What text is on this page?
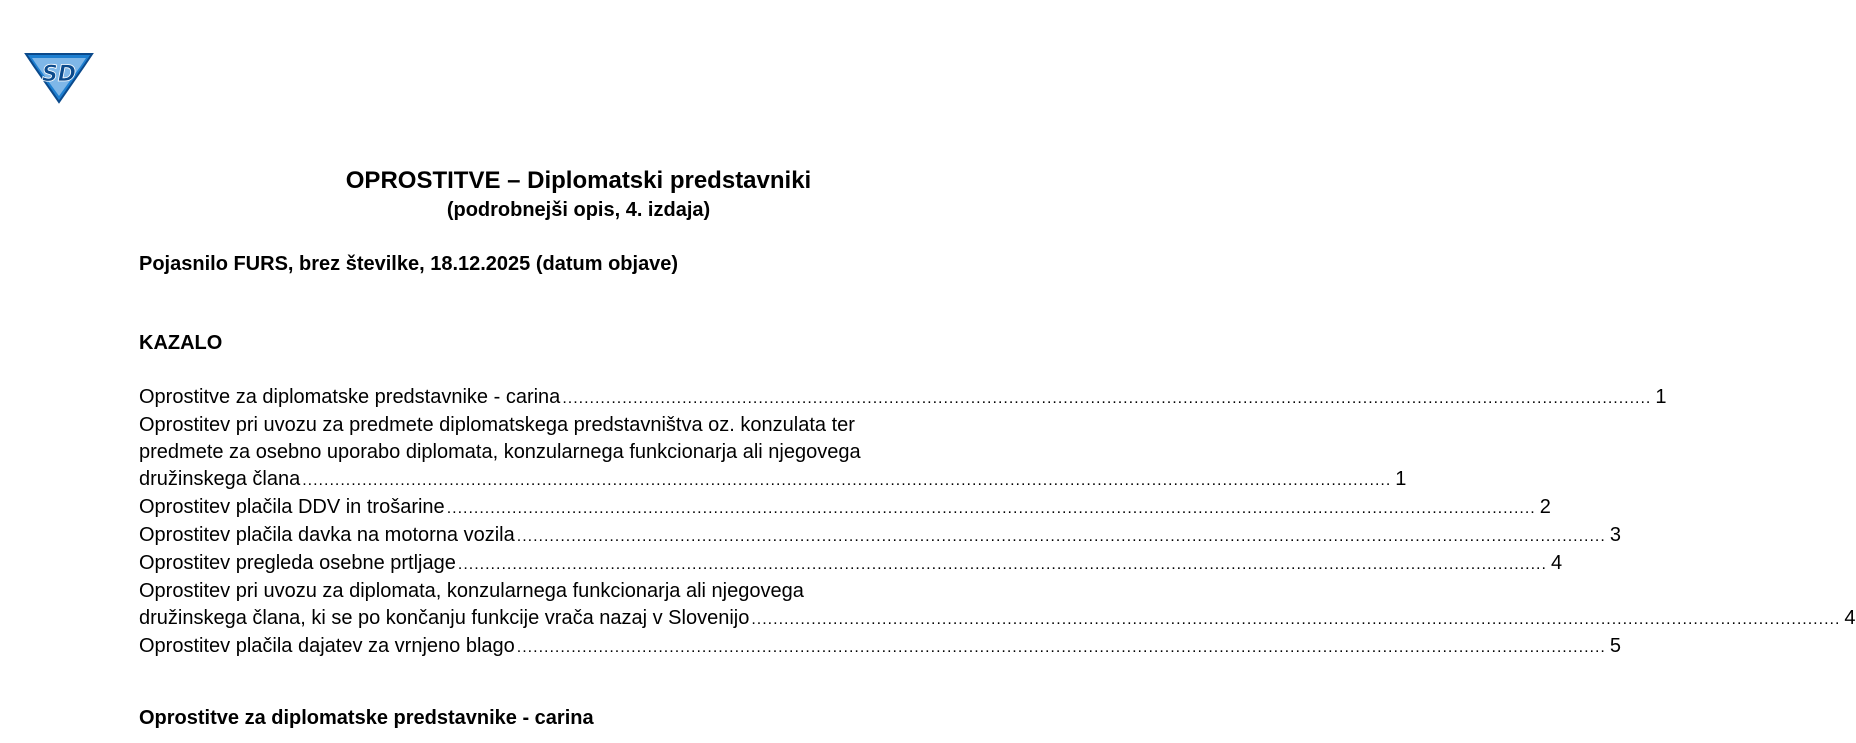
SD
OPROSTITVE – Diplomatski predstavniki
(podrobnejši opis, 4. izdaja)
Pojasnilo FURS, brez številke, 18.12.2025 (datum objave)
KAZALO
Oprostitve za diplomatske predstavnike - carina ........................................................................................................................................................................................................ 1
Oprostitev pri uvozu za predmete diplomatskega predstavništva oz. konzulata ter
predmete za osebno uporabo diplomata, konzularnega funkcionarja ali njegovega
družinskega člana ........................................................................................................................................................................................................ 1
Oprostitev plačila DDV in trošarine ........................................................................................................................................................................................................ 2
Oprostitev plačila davka na motorna vozila ........................................................................................................................................................................................................ 3
Oprostitev pregleda osebne prtljage ........................................................................................................................................................................................................ 4
Oprostitev pri uvozu za diplomata, konzularnega funkcionarja ali njegovega
družinskega člana, ki se po končanju funkcije vrača nazaj v Slovenijo ........................................................................................................................................................................................................ 4
Oprostitev plačila dajatev za vrnjeno blago ........................................................................................................................................................................................................ 5
Oprostitve za diplomatske predstavnike - carina
